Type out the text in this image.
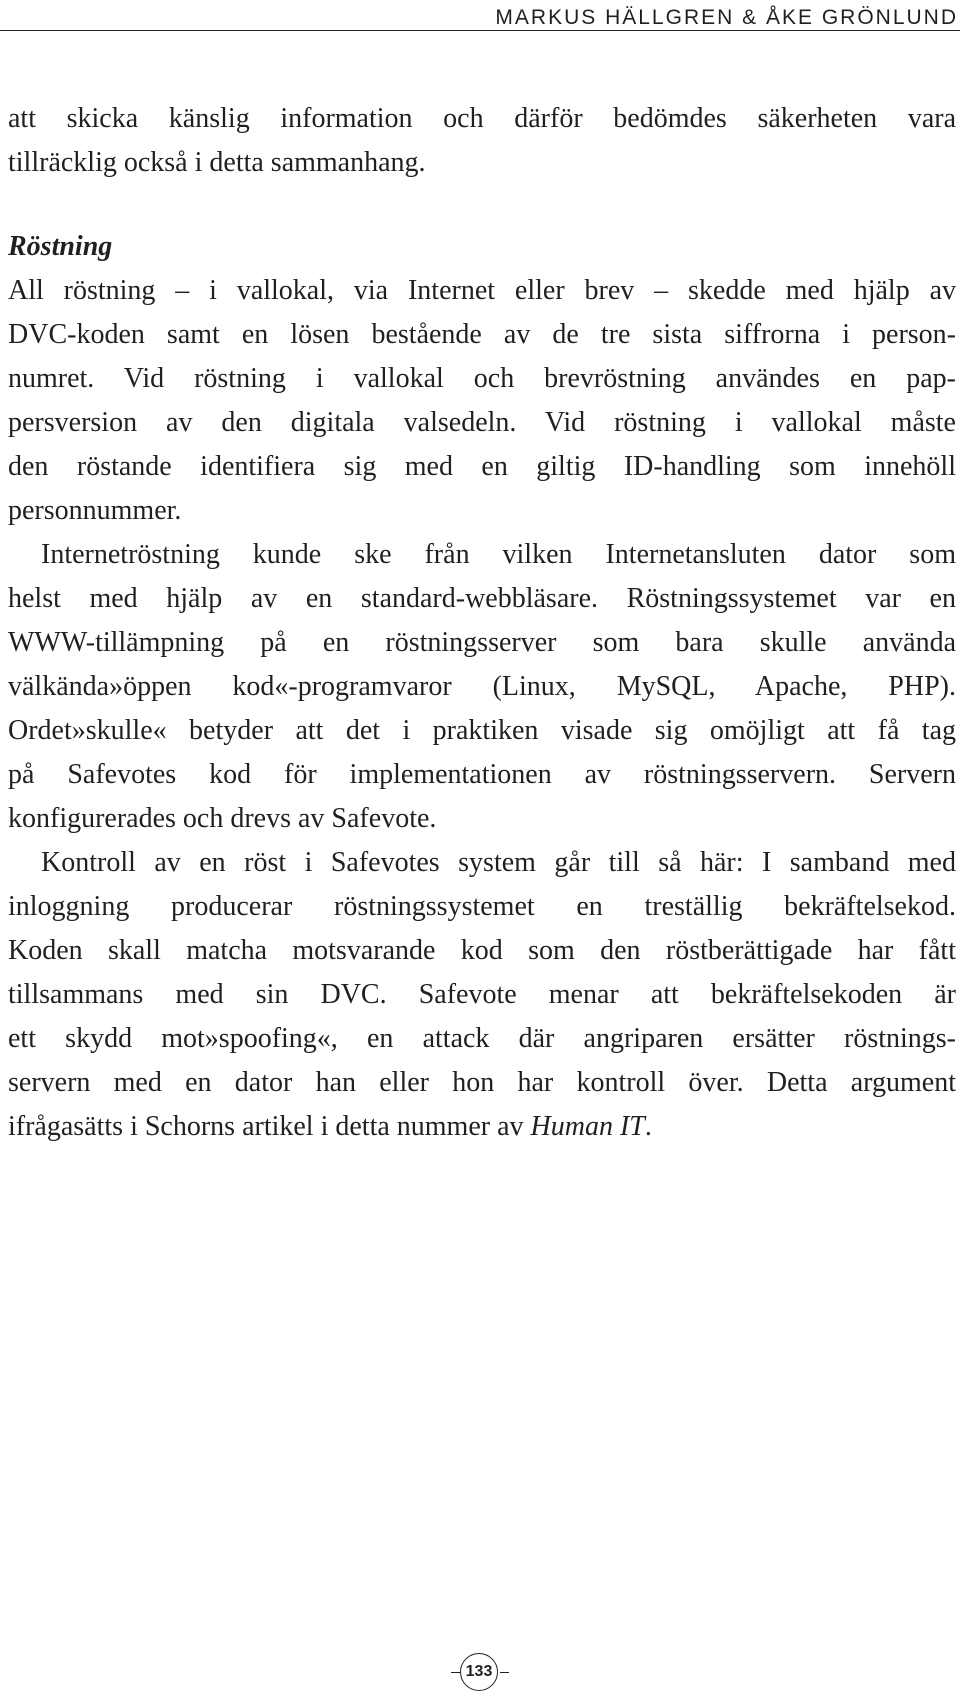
MARKUS HÄLLGREN & ÅKE GRÖNLUND
att skicka känslig information och därför bedömdes säkerheten vara
tillräcklig också i detta sammanhang.
Röstning
All röstning – i vallokal, via Internet eller brev – skedde med hjälp av
DVC-koden samt en lösen bestående av de tre sista siffrorna i person-
numret. Vid röstning i vallokal och brevröstning användes en pap-
persversion av den digitala valsedeln. Vid röstning i vallokal måste
den röstande identifiera sig med en giltig ID-handling som innehöll
personnummer.
Internetröstning kunde ske från vilken Internetansluten dator som
helst med hjälp av en standard-webbläsare. Röstningssystemet var en
WWW-tillämpning på en röstningsserver som bara skulle använda
välkända»öppen kod«-programvaror (Linux, MySQL, Apache, PHP).
Ordet»skulle« betyder att det i praktiken visade sig omöjligt att få tag
på Safevotes kod för implementationen av röstningsservern. Servern
konfigurerades och drevs av Safevote.
Kontroll av en röst i Safevotes system går till så här: I samband med
inloggning producerar röstningssystemet en treställig bekräftelsekod.
Koden skall matcha motsvarande kod som den röstberättigade har fått
tillsammans med sin DVC. Safevote menar att bekräftelsekoden är
ett skydd mot»spoofing«, en attack där angriparen ersätter röstnings-
servern med en dator han eller hon har kontroll över. Detta argument
ifrågasätts i Schorns artikel i detta nummer av Human IT.
133
